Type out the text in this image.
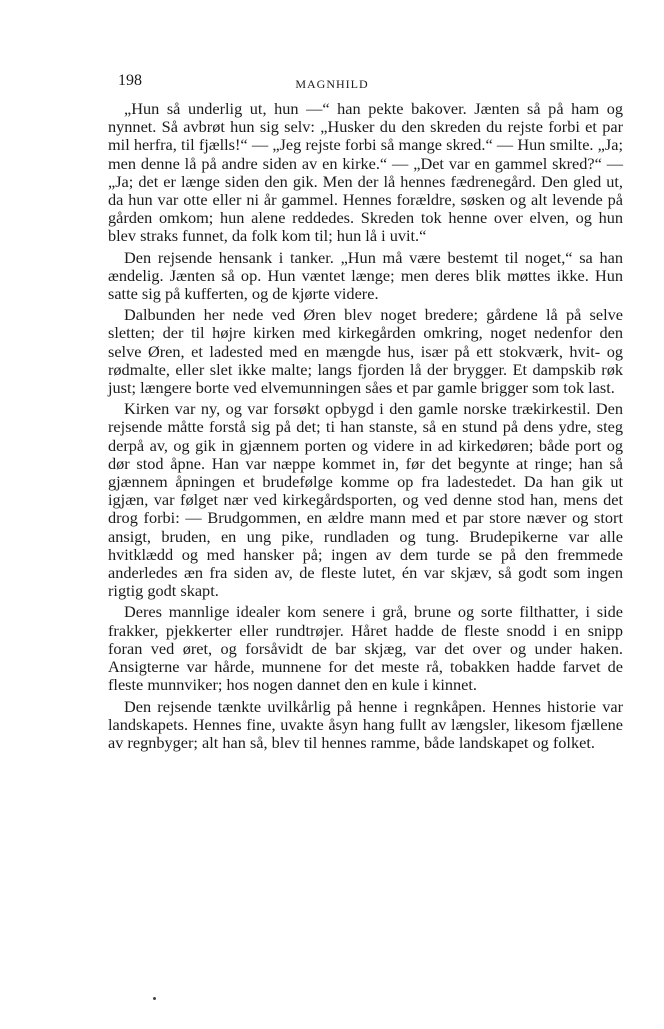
198	MAGNHILD

„Hun så underlig ut, hun —“ han pekte bakover. Jænten så på ham og nynnet. Så avbrøt hun sig selv: „Husker du den skreden du rejste forbi et par mil herfra, til fjælls!“ — „Jeg rejste forbi så mange skred.“ — Hun smilte. „Ja; men denne lå på andre siden av en kirke.“ — „Det var en gammel skred?“ — „Ja; det er længe siden den gik. Men der lå hennes fædrenegård. Den gled ut, da hun var otte eller ni år gammel. Hennes forældre, søsken og alt levende på gården omkom; hun alene reddedes. Skreden tok henne over elven, og hun blev straks funnet, da folk kom til; hun lå i uvit.“

Den rejsende hensank i tanker. „Hun må være bestemt til noget,“ sa han ændelig. Jænten så op. Hun væntet længe; men deres blik møttes ikke. Hun satte sig på kufferten, og de kjørte videre.

Dalbunden her nede ved Øren blev noget bredere; gårdene lå på selve sletten; der til højre kirken med kirkegården omkring, noget nedenfor den selve Øren, et ladested med en mængde hus, især på ett stokværk, hvit- og rødmalte, eller slet ikke malte; langs fjorden lå der brygger. Et dampskib røk just; længere borte ved elvemunningen såes et par gamle brigger som tok last.

Kirken var ny, og var forsøkt opbygd i den gamle norske trækirkestil. Den rejsende måtte forstå sig på det; ti han stanste, så en stund på dens ydre, steg derpå av, og gik in gjænnem porten og videre in ad kirkedøren; både port og dør stod åpne. Han var næppe kommet in, før det begynte at ringe; han så gjænnem åpningen et brudefølge komme op fra ladestedet. Da han gik ut igjæn, var følget nær ved kirkegårdsporten, og ved denne stod han, mens det drog forbi: — Brudgommen, en ældre mann med et par store næver og stort ansigt, bruden, en ung pike, rundladen og tung. Brudepikerne var alle hvitklædd og med hansker på; ingen av dem turde se på den fremmede anderledes æn fra siden av, de fleste lutet, én var skjæv, så godt som ingen rigtig godt skapt.

Deres mannlige idealer kom senere i grå, brune og sorte filthatter, i side frakker, pjekkerter eller rundtrøjer. Håret hadde de fleste snodd i en snipp foran ved øret, og forsåvidt de bar skjæg, var det over og under haken. Ansigterne var hårde, munnene for det meste rå, tobakken hadde farvet de fleste munnviker; hos nogen dannet den en kule i kinnet.

Den rejsende tænkte uvilkårlig på henne i regnkåpen. Hennes historie var landskapets. Hennes fine, uvakte åsyn hang fullt av længsler, likesom fjællene av regnbyger; alt han så, blev til hennes ramme, både landskapet og folket.
